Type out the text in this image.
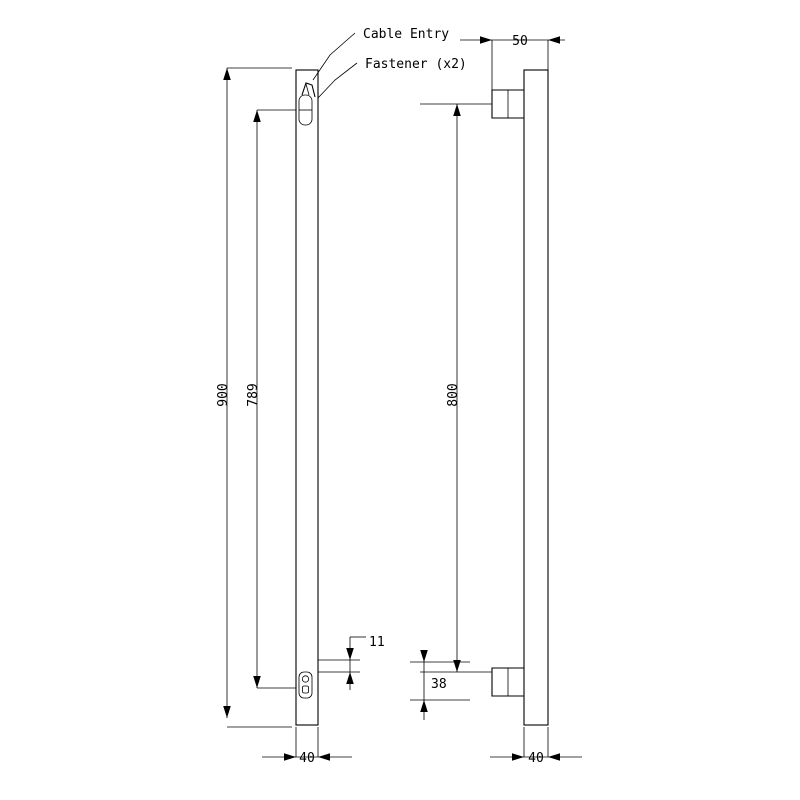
Cable Entry
Fastener (x2)
900 789	800
50
40	40
11
38
